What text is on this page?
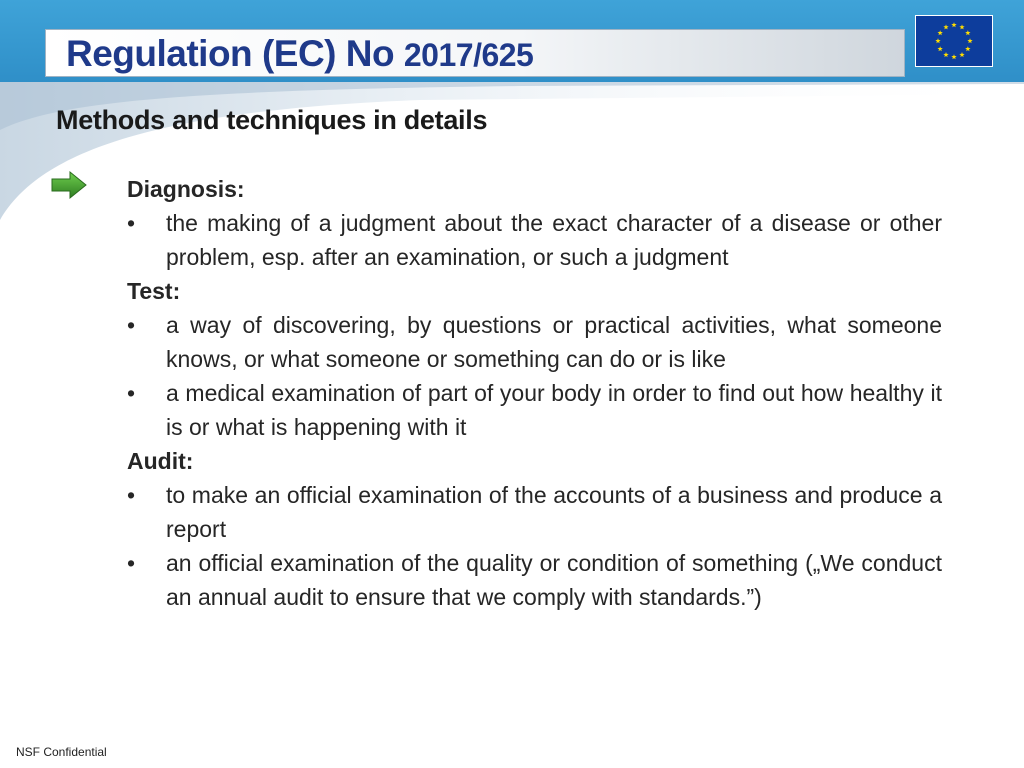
Regulation (EC) No 2017/625
Methods and techniques in details

Diagnosis:

•	the making of a judgment about the exact character of a disease or other problem, esp. after an examination, or such a judgment

Test:

•	a way of discovering, by questions or practical activities, what someone knows, or what someone or something can do or is like
•	a medical examination of part of your body in order to find out how healthy it is or what is happening with it

Audit:

•	to make an official examination of the accounts of a business and produce a report
•	an official examination of the quality or condition of something („We conduct an annual audit to ensure that we comply with standards.”)
NSF Confidential
